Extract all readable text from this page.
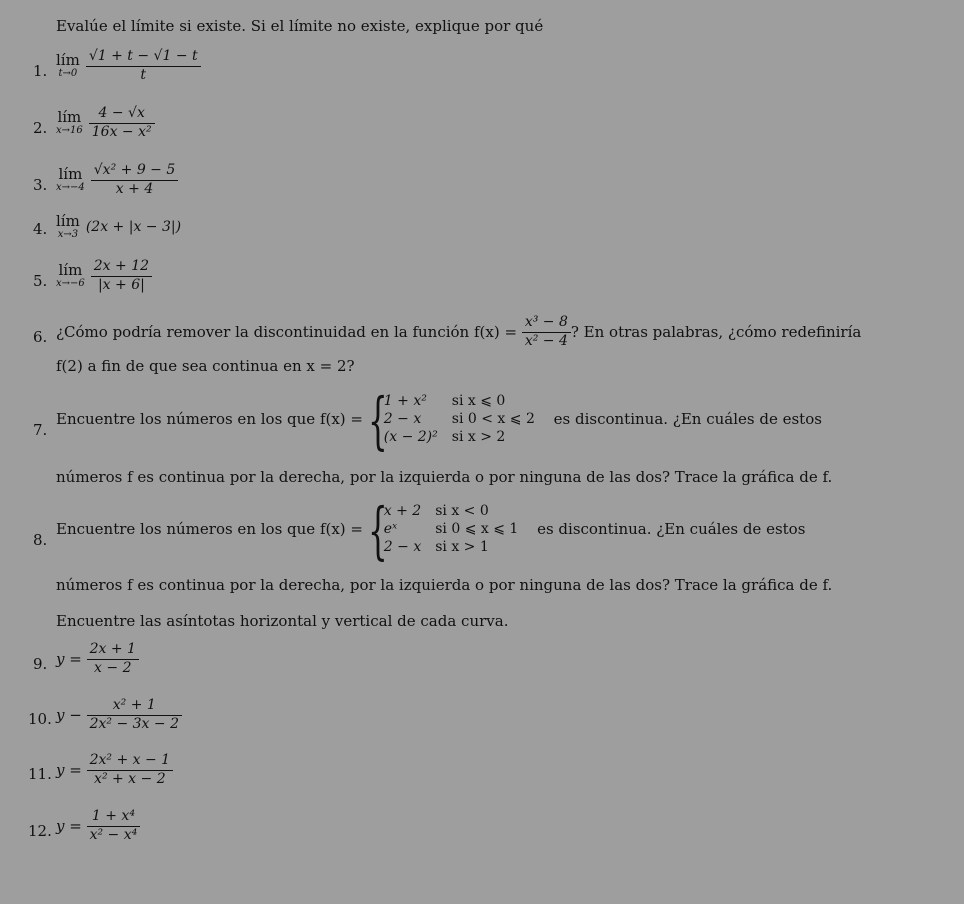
Evalúe el límite si existe. Si el límite no existe, explique por qué
1.
lím
$t\to 0 \frac{√1 + t - √1 - t}{t}$
2.
lím
$x\to 16 \frac{4 - √x}{\text{16x − x²}}$
3.
lím
$x\to-4 \frac{\text{√x² + 9 − 5}}{x + 4}$
4. lím
x→3 (2x + |x − 3|)
5.
lím
$x\to-6 \frac{2x + 12}{|x + 6|}$
6. ¿Cómo podría remover la discontinuidad en la función $f(x) = \frac{\text{x³ − 8}}{\text{x² − 4}}$ ? En otras palabras, ¿cómo redefiniría
f(2) a fin de que sea continua en x = 2?
7.
Encuentre los números en los que f(x) = {
1 + x²	si x ⩽ 0
2 − x	si 0 < x ⩽ 2
(x − 2)²	si x > 2
es discontinua. ¿En cuáles de estos
números f es continua por la derecha, por la izquierda o por ninguna de las dos? Trace la gráfica de f.
8.
Encuentre los números en los que f(x) = {
x + 2	si x < 0
eˣ	si 0 ⩽ x ⩽ 1
2 − x	si x > 1
es discontinua. ¿En cuáles de estos
números f es continua por la derecha, por la izquierda o por ninguna de las dos? Trace la gráfica de f.
Encuentre las asíntotas horizontal y vertical de cada curva.
9. $y = \frac{2x + 1}{x - 2}$
10. $y - \frac{\text{x² + 1}}{\text{2x² − 3x − 2}}$
11. $y = \frac{\text{2x² + x − 1}}{\text{x² + x − 2}}$
12. $y = \frac{\text{1 + x⁴}}{\text{x² − x⁴}}$
